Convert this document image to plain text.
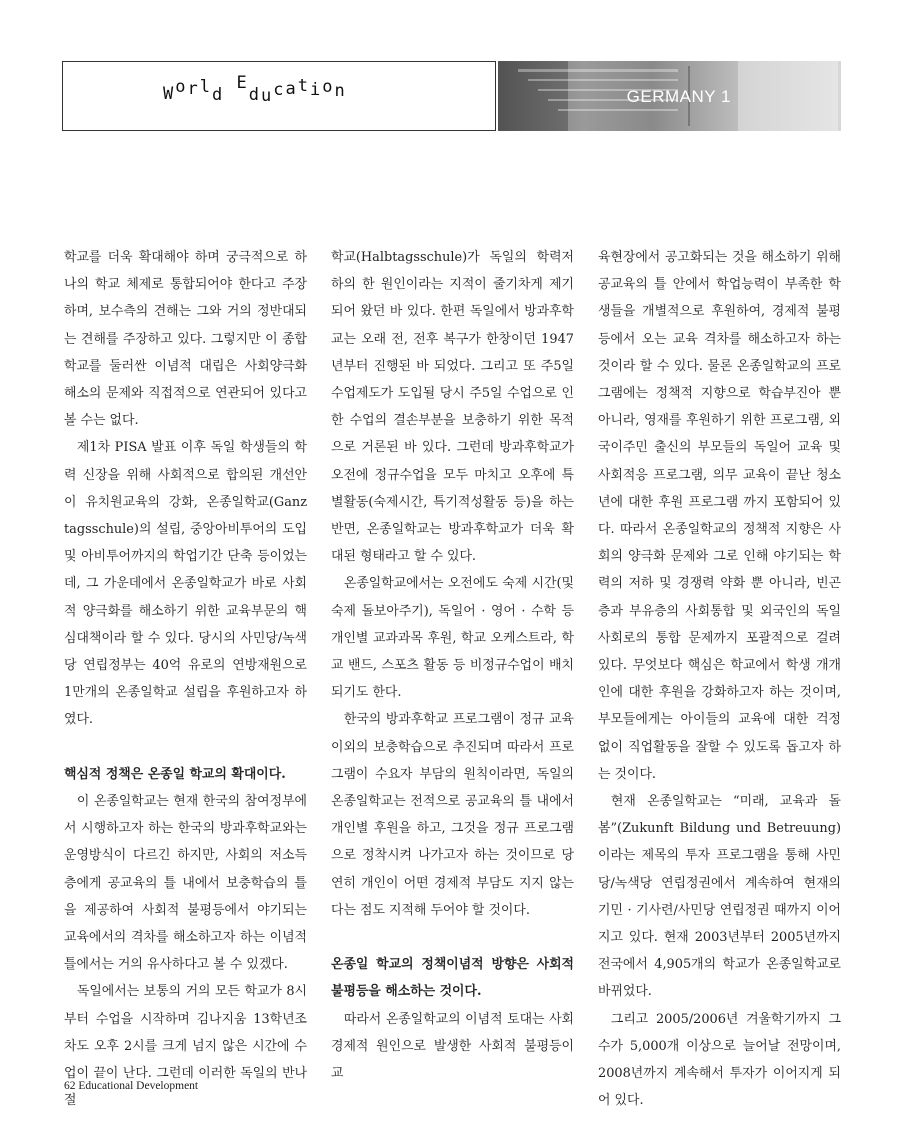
World Education	GERMANY 1

학교를 더욱 확대해야 하며 궁극적으로 하나의 학교 체제로 통합되어야 한다고 주장하며, 보수측의 견해는 그와 거의 정반대되는 견해를 주장하고 있다. 그렇지만 이 종합학교를 둘러싼 이념적 대립은 사회양극화 해소의 문제와 직접적으로 연관되어 있다고 볼 수는 없다.

제1차 PISA 발표 이후 독일 학생들의 학력 신장을 위해 사회적으로 합의된 개선안이 유치원교육의 강화, 온종일학교(Ganz tagsschule)의 설립, 중앙아비투어의 도입 및 아비투어까지의 학업기간 단축 등이었는데, 그 가운데에서 온종일학교가 바로 사회적 양극화를 해소하기 위한 교육부문의 핵심대책이라 할 수 있다. 당시의 사민당/녹색당 연립정부는 40억 유로의 연방재원으로 1만개의 온종일학교 설립을 후원하고자 하였다.

핵심적 정책은 온종일 학교의 확대이다.

이 온종일학교는 현재 한국의 참여정부에서 시행하고자 하는 한국의 방과후학교와는 운영방식이 다르긴 하지만, 사회의 저소득층에게 공교육의 틀 내에서 보충학습의 틀을 제공하여 사회적 불평등에서 야기되는 교육에서의 격차를 해소하고자 하는 이념적 틀에서는 거의 유사하다고 볼 수 있겠다.

독일에서는 보통의 거의 모든 학교가 8시부터 수업을 시작하며 김나지움 13학년조차도 오후 2시를 크게 넘지 않은 시간에 수업이 끝이 난다. 그런데 이러한 독일의 반나절

학교(Halbtagsschule)가 독일의 학력저하의 한 원인이라는 지적이 줄기차게 제기되어 왔던 바 있다. 한편 독일에서 방과후학교는 오래 전, 전후 복구가 한창이던 1947년부터 진행된 바 되었다. 그리고 또 주5일 수업제도가 도입될 당시 주5일 수업으로 인한 수업의 결손부분을 보충하기 위한 목적으로 거론된 바 있다. 그런데 방과후학교가 오전에 정규수업을 모두 마치고 오후에 특별활동(숙제시간, 특기적성활동 등)을 하는 반면, 온종일학교는 방과후학교가 더욱 확대된 형태라고 할 수 있다.

온종일학교에서는 오전에도 숙제 시간(및 숙제 돌보아주기), 독일어 · 영어 · 수학 등 개인별 교과과목 후원, 학교 오케스트라, 학교 밴드, 스포츠 활동 등 비정규수업이 배치되기도 한다.

한국의 방과후학교 프로그램이 정규 교육 이외의 보충학습으로 추진되며 따라서 프로그램이 수요자 부담의 원칙이라면, 독일의 온종일학교는 전적으로 공교육의 틀 내에서 개인별 후원을 하고, 그것을 정규 프로그램으로 정착시켜 나가고자 하는 것이므로 당연히 개인이 어떤 경제적 부담도 지지 않는다는 점도 지적해 두어야 할 것이다.

온종일 학교의 정책이념적 방향은 사회적 불평등을 해소하는 것이다.

따라서 온종일학교의 이념적 토대는 사회경제적 원인으로 발생한 사회적 불평등이 교

육현장에서 공고화되는 것을 해소하기 위해 공교육의 틀 안에서 학업능력이 부족한 학생들을 개별적으로 후원하여, 경제적 불평등에서 오는 교육 격차를 해소하고자 하는 것이라 할 수 있다. 물론 온종일학교의 프로그램에는 정책적 지향으로 학습부진아 뿐 아니라, 영재를 후원하기 위한 프로그램, 외국이주민 출신의 부모들의 독일어 교육 및 사회적응 프로그램, 의무 교육이 끝난 청소년에 대한 후원 프로그램 까지 포함되어 있다. 따라서 온종일학교의 정책적 지향은 사회의 양극화 문제와 그로 인해 야기되는 학력의 저하 및 경쟁력 약화 뿐 아니라, 빈곤층과 부유층의 사회통합 및 외국인의 독일사회로의 통합 문제까지 포괄적으로 걸려 있다. 무엇보다 핵심은 학교에서 학생 개개인에 대한 후원을 강화하고자 하는 것이며, 부모들에게는 아이들의 교육에 대한 걱정 없이 직업활동을 잘할 수 있도록 돕고자 하는 것이다.

현재 온종일학교는 “미래, 교육과 돌봄”(Zukunft Bildung und Betreuung)이라는 제목의 투자 프로그램을 통해 사민당/녹색당 연립정권에서 계속하여 현재의 기민 · 기사련/사민당 연립정권 때까지 이어지고 있다. 현재 2003년부터 2005년까지 전국에서 4,905개의 학교가 온종일학교로 바뀌었다.

그리고 2005/2006년 겨울학기까지 그 수가 5,000개 이상으로 늘어날 전망이며, 2008년까지 계속해서 투자가 이어지게 되어 있다.

62 Educational Development
